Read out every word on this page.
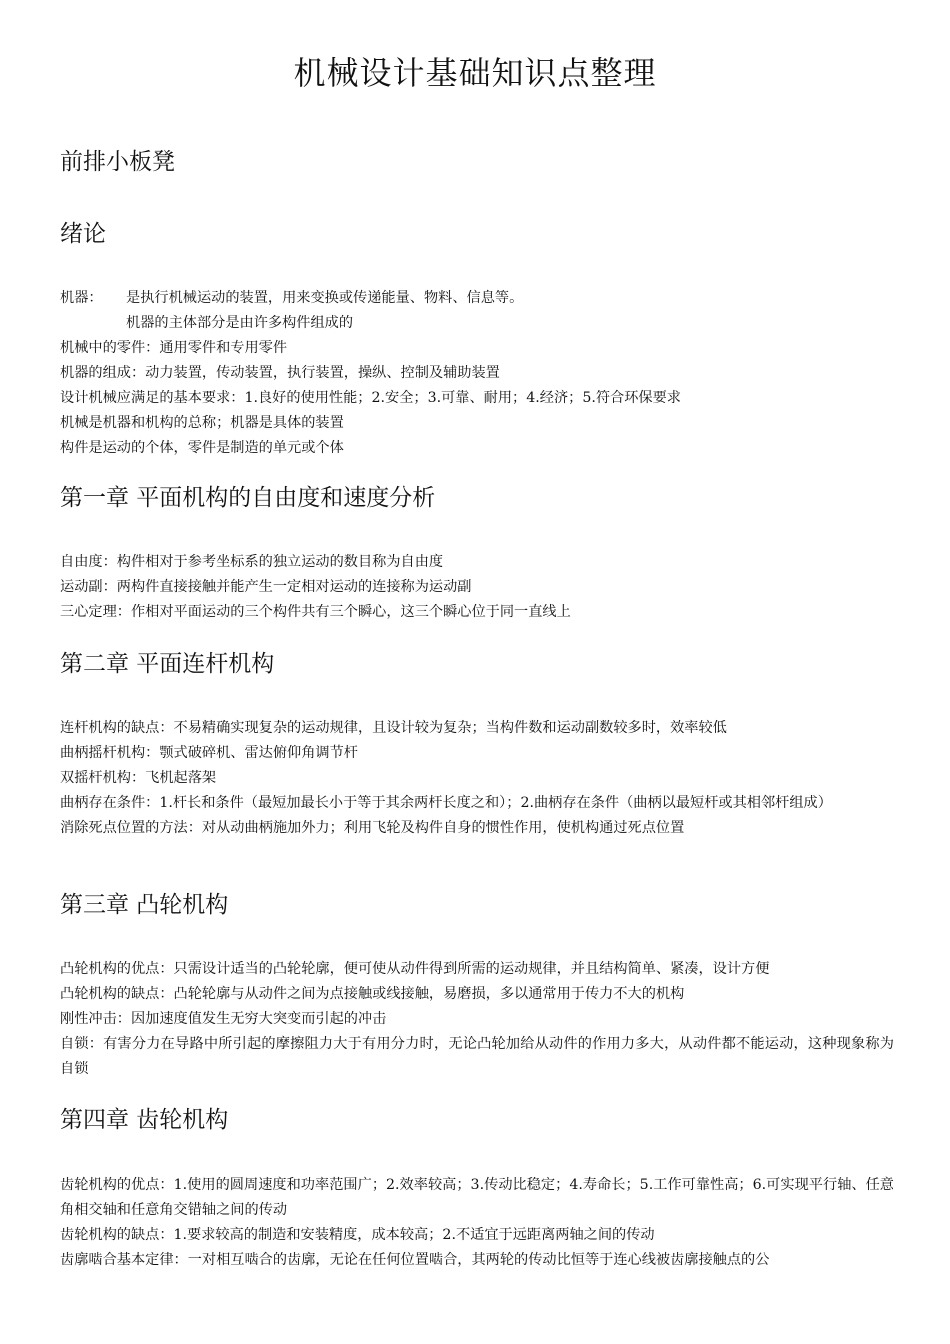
机械设计基础知识点整理
前排小板凳
绪论
机器： 是执行机械运动的装置，用来变换或传递能量、物料、信息等。
机器的主体部分是由许多构件组成的
机械中的零件：通用零件和专用零件
机器的组成：动力装置，传动装置，执行装置，操纵、控制及辅助装置
设计机械应满足的基本要求：1.良好的使用性能；2.安全；3.可靠、耐用；4.经济；5.符合环保要求
机械是机器和机构的总称；机器是具体的装置
构件是运动的个体，零件是制造的单元或个体
第一章 平面机构的自由度和速度分析
自由度：构件相对于参考坐标系的独立运动的数目称为自由度
运动副：两构件直接接触并能产生一定相对运动的连接称为运动副
三心定理：作相对平面运动的三个构件共有三个瞬心，这三个瞬心位于同一直线上
第二章 平面连杆机构
连杆机构的缺点：不易精确实现复杂的运动规律，且设计较为复杂；当构件数和运动副数较多时，效率较低
曲柄摇杆机构：颚式破碎机、雷达俯仰角调节杆
双摇杆机构：飞机起落架
曲柄存在条件：1.杆长和条件（最短加最长小于等于其余两杆长度之和）；2.曲柄存在条件（曲柄以最短杆或其相邻杆组成）
消除死点位置的方法：对从动曲柄施加外力；利用飞轮及构件自身的惯性作用，使机构通过死点位置
第三章 凸轮机构
凸轮机构的优点：只需设计适当的凸轮轮廓，便可使从动件得到所需的运动规律，并且结构简单、紧凑，设计方便
凸轮机构的缺点：凸轮轮廓与从动件之间为点接触或线接触，易磨损，多以通常用于传力不大的机构
刚性冲击：因加速度值发生无穷大突变而引起的冲击
自锁：有害分力在导路中所引起的摩擦阻力大于有用分力时，无论凸轮加给从动件的作用力多大，从动件都不能运动，这种现象称为自锁
第四章 齿轮机构
齿轮机构的优点：1.使用的圆周速度和功率范围广；2.效率较高；3.传动比稳定；4.寿命长；5.工作可靠性高；6.可实现平行轴、任意角相交轴和任意角交错轴之间的传动
齿轮机构的缺点：1.要求较高的制造和安装精度，成本较高；2.不适宜于远距离两轴之间的传动
齿廓啮合基本定律：一对相互啮合的齿廓，无论在任何位置啮合，其两轮的传动比恒等于连心线被齿廓接触点的公
